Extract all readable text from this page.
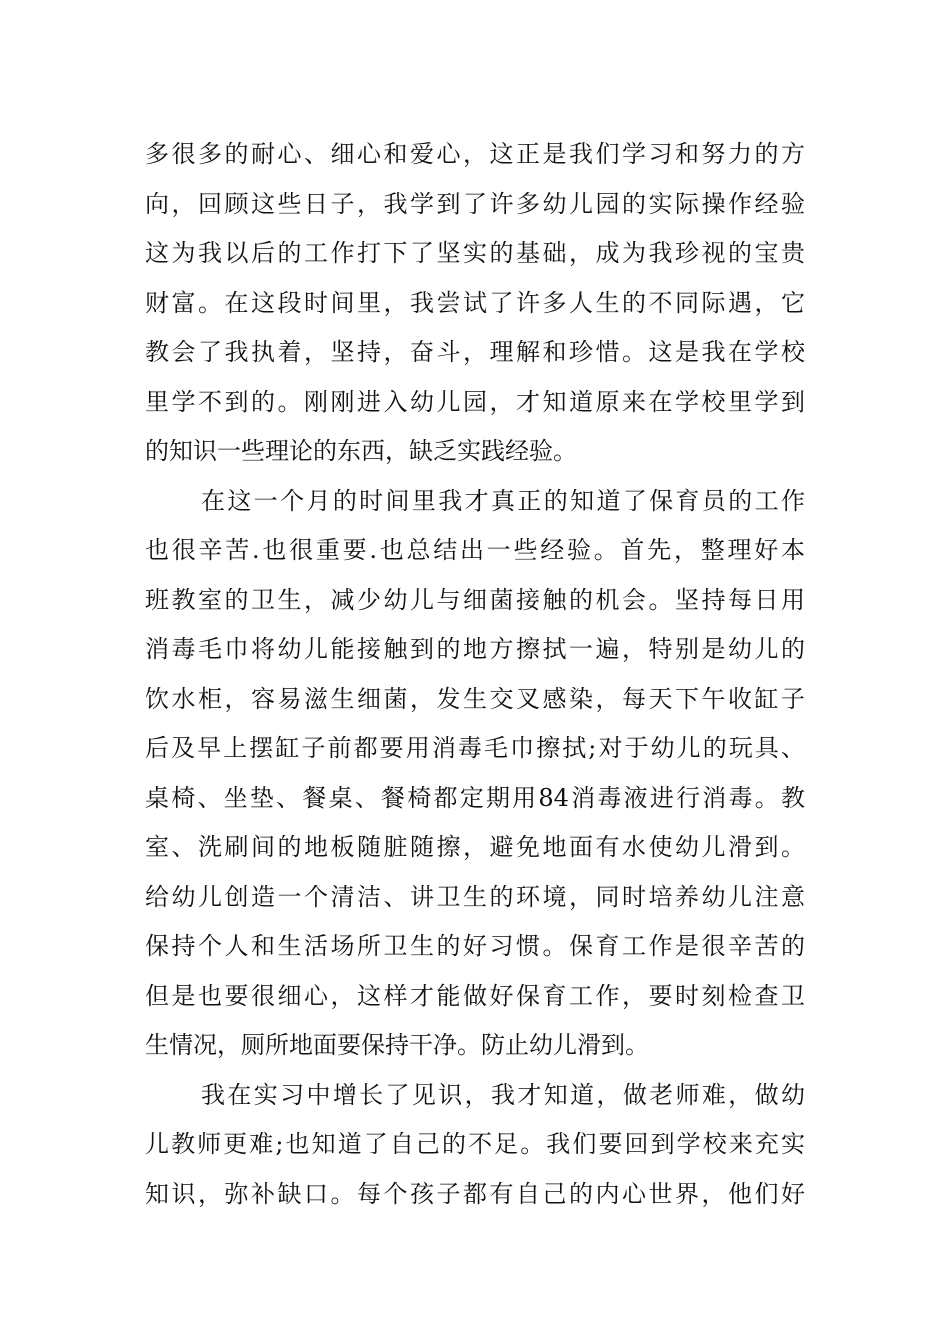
多很多的耐心、细心和爱心，这正是我们学习和努力的方
向，回顾这些日子，我学到了许多幼儿园的实际操作经验
这为我以后的工作打下了坚实的基础，成为我珍视的宝贵
财富。在这段时间里，我尝试了许多人生的不同际遇，它
教会了我执着，坚持，奋斗，理解和珍惜。这是我在学校
里学不到的。刚刚进入幼儿园，才知道原来在学校里学到
的知识一些理论的东西，缺乏实践经验。
在这一个月的时间里我才真正的知道了保育员的工作
也很辛苦.也很重要.也总结出一些经验。首先，整理好本
班教室的卫生，减少幼儿与细菌接触的机会。坚持每日用
消毒毛巾将幼儿能接触到的地方擦拭一遍，特别是幼儿的
饮水柜，容易滋生细菌，发生交叉感染，每天下午收缸子
后及早上摆缸子前都要用消毒毛巾擦拭;对于幼儿的玩具、
桌椅、坐垫、餐桌、餐椅都定期用84消毒液进行消毒。教
室、洗刷间的地板随脏随擦，避免地面有水使幼儿滑到。
给幼儿创造一个清洁、讲卫生的环境，同时培养幼儿注意
保持个人和生活场所卫生的好习惯。保育工作是很辛苦的
但是也要很细心，这样才能做好保育工作，要时刻检查卫
生情况，厕所地面要保持干净。防止幼儿滑到。
我在实习中增长了见识，我才知道，做老师难，做幼
儿教师更难;也知道了自己的不足。我们要回到学校来充实
知识，弥补缺口。每个孩子都有自己的内心世界，他们好
